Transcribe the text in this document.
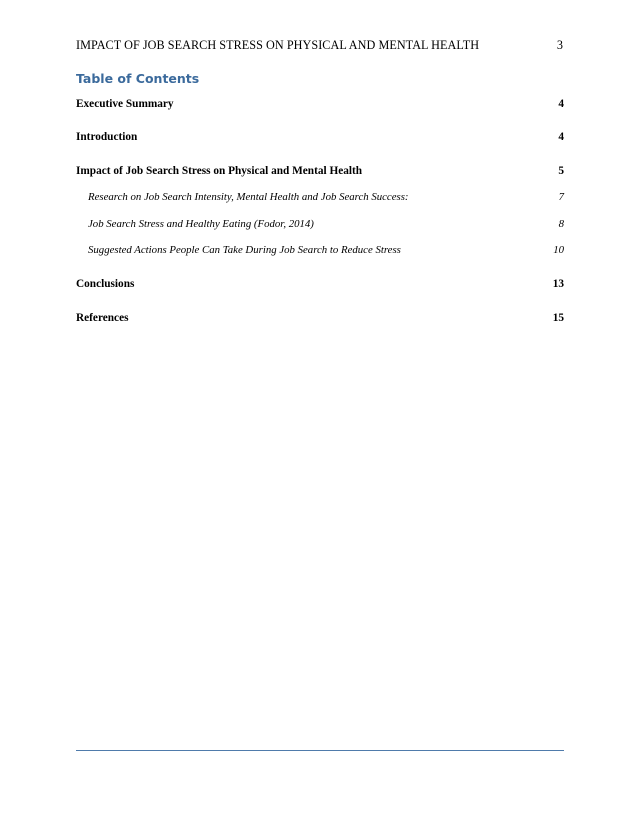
IMPACT OF JOB SEARCH STRESS ON PHYSICAL AND MENTAL HEALTH	3
Table of Contents
Executive Summary	4
Introduction	4
Impact of Job Search Stress on Physical and Mental Health	5
Research on Job Search Intensity, Mental Health and Job Search Success:	7
Job Search Stress and Healthy Eating (Fodor, 2014)	8
Suggested Actions People Can Take During Job Search to Reduce Stress	10
Conclusions	13
References	15
